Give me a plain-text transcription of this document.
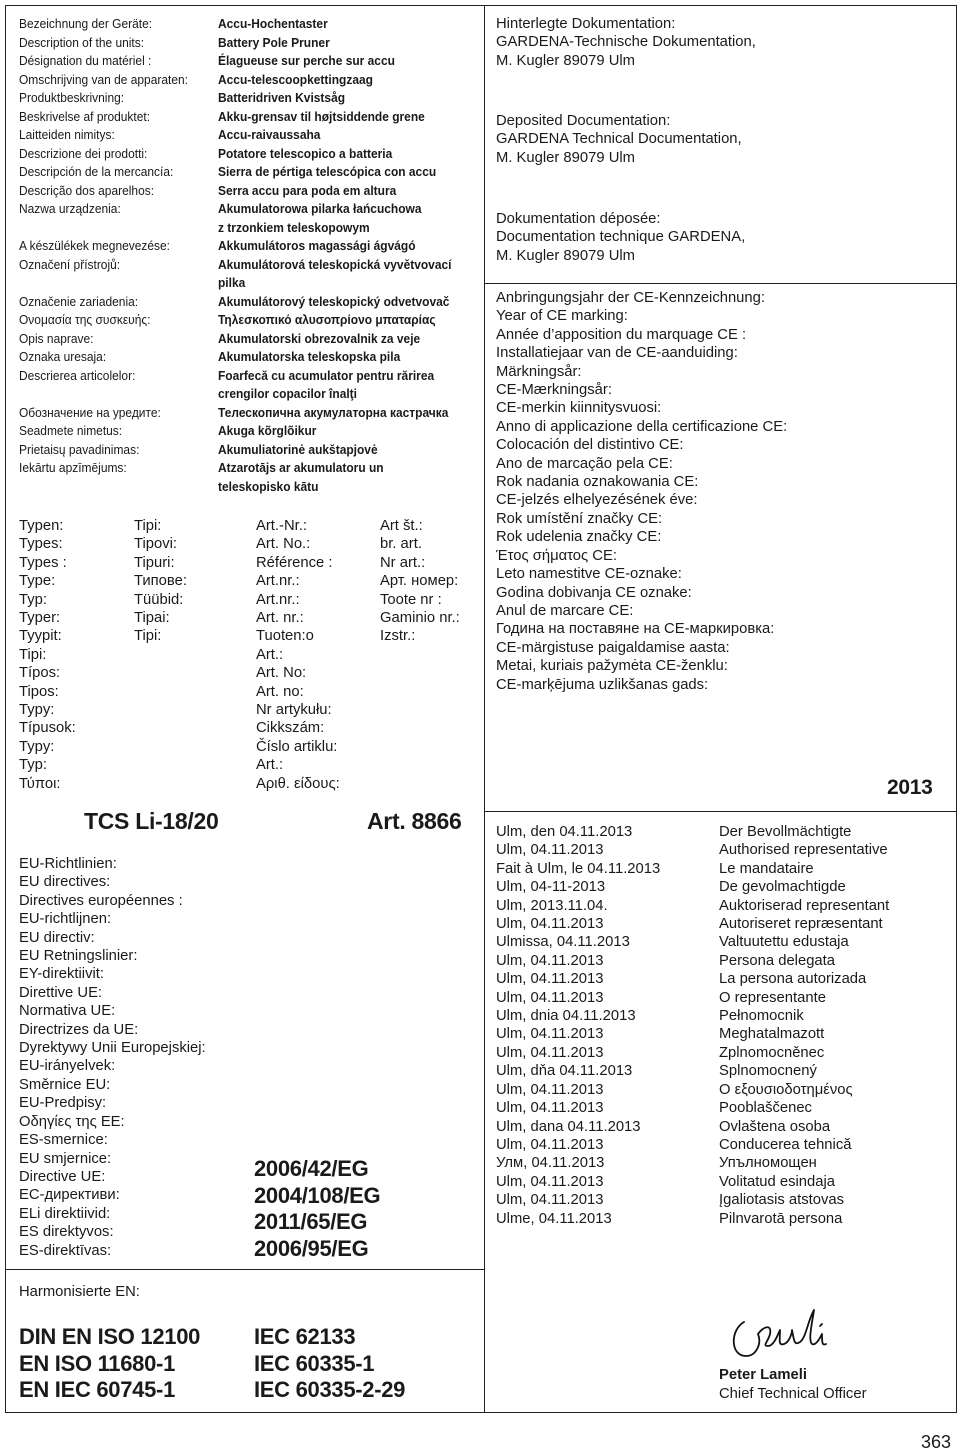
Bezeichnung der Geräte:
Description of the units:
Désignation du matériel :
Omschrijving van de apparaten:
Produktbeskrivning:
Beskrivelse af produktet:
Laitteiden nimitys:
Descrizione dei prodotti:
Descripción de la mercancía:
Descrição dos aparelhos:
Nazwa urządzenia:

A készülékek megnevezése:
Označení přístrojů:

Označenie zariadenia:
Ονομασία της συσκευής:
Opis naprave:
Oznaka uresaja:
Descrierea articolelor:

Обозначение на уредите:
Seadmete nimetus:
Prietaisų pavadinimas:
Iekārtu apzīmējums:
Accu-Hochentaster
Battery Pole Pruner
Élagueuse sur perche sur accu
Accu-telescoopkettingzaag
Batteridriven Kvistsåg
Akku-grensav til højtsiddende grene
Accu-raivaussaha
Potatore telescopico a batteria
Sierra de pértiga telescópica con accu
Serra accu para poda em altura
Akumulatorowa pilarka łańcuchowa
z trzonkiem teleskopowym
Akkumulátoros magassági ágvágó
Akumulátorová teleskopická vyvětvovací
pilka
Akumulátorový teleskopický odvetvovač
Τηλεσκοπικό αλυσοπρίονο μπαταρίας
Akumulatorski obrezovalnik za veje
Akumulatorska teleskopska pila
Foarfecă cu acumulator pentru rărirea
crengilor copacilor înalţi
Телескопична акумулаторна кастрачка
Akuga kõrglõikur
Akumuliatorinė aukštapjovė
Atzarotājs ar akumulatoru un
teleskopisko kātu
Typen:
Types:
Types :
Type:
Typ:
Typer:
Tyypit:
Tipi:
Típos:
Tipos:
Typy:
Típusok:
Typy:
Typ:
Τύποι:
Tipi:
Tipovi:
Tipuri:
Типове:
Tüübid:
Tipai:
Tipi:
Art.-Nr.:
Art. No.:
Référence :
Art.nr.:
Art.nr.:
Art. nr.:
Tuoten:o
Art.:
Art. No:
Art. no:
Nr artykułu:
Cikkszám:
Číslo artiklu:
Art.:
Αριθ. είδους:
Art št.:
br. art.
Nr art.:
Арт. номер:
Toote nr :
Gaminio nr.:
Izstr.:
TCS Li-18/20	Art. 8866
EU-Richtlinien:
EU directives:
Directives européennes :
EU-richtlijnen:
EU directiv:
EU Retningslinier:
EY-direktiivit:
Direttive UE:
Normativa UE:
Directrizes da UE:
Dyrektywy Unii Europejskiej:
EU-irányelvek:
Směrnice EU:
EU-Predpisy:
Οδηγίες της ΕΕ:
ES-smernice:
EU smjernice:
Directive UE:
ЕС-директиви:
ELi direktiivid:
ES direktyvos:
ES-direktīvas:
2006/42/EG
2004/108/EG
2011/65/EG
2006/95/EG
Harmonisierte EN:
DIN EN ISO 12100
EN ISO 11680-1
EN IEC 60745-1
IEC 62133
IEC 60335-1
IEC 60335-2-29
Hinterlegte Dokumentation:
GARDENA-Technische Dokumentation,
M. Kugler 89079 Ulm
Deposited Documentation:
GARDENA Technical Documentation,
M. Kugler 89079 Ulm
Dokumentation déposée:
Documentation technique GARDENA,
M. Kugler 89079 Ulm
Anbringungsjahr der CE-Kennzeichnung:
Year of CE marking:
Année d’apposition du marquage CE :
Installatiejaar van de CE-aanduiding:
Märkningsår:
CE-Mærkningsår:
CE-merkin kiinnitysvuosi:
Anno di applicazione della certificazione CE:
Colocación del distintivo CE:
Ano de marcação pela CE:
Rok nadania oznakowania CE:
CE-jelzés elhelyezésének éve:
Rok umístění značky CE:
Rok udelenia značky CE:
Έτος σήματος CE:
Leto namestitve CE-oznake:
Godina dobivanja CE oznake:
Anul de marcare CE:
Година на поставяне на CE-маркировка:
CE-märgistuse paigaldamise aasta:
Metai, kuriais pažymėta CE-ženklu:
CE-marķējuma uzlikšanas gads:
2013
Ulm, den 04.11.2013
Ulm, 04.11.2013
Fait à Ulm, le 04.11.2013
Ulm, 04-11-2013
Ulm, 2013.11.04.
Ulm, 04.11.2013
Ulmissa, 04.11.2013
Ulm, 04.11.2013
Ulm, 04.11.2013
Ulm, 04.11.2013
Ulm, dnia 04.11.2013
Ulm, 04.11.2013
Ulm, 04.11.2013
Ulm, dňa 04.11.2013
Ulm, 04.11.2013
Ulm, 04.11.2013
Ulm, dana 04.11.2013
Ulm, 04.11.2013
Улм, 04.11.2013
Ulm, 04.11.2013
Ulm, 04.11.2013
Ulme, 04.11.2013
Der Bevollmächtigte
Authorised representative
Le mandataire
De gevolmachtigde
Auktoriserad representant
Autoriseret repræsentant
Valtuutettu edustaja
Persona delegata
La persona autorizada
O representante
Pełnomocnik
Meghatalmazott
Zplnomocněnec
Splnomocnený
Ο εξουσιοδοτημένος
Pooblaščenec
Ovlaštena osoba
Conducerea tehnică
Упълномощен
Volitatud esindaja
Įgaliotasis atstovas
Pilnvarotā persona
Peter Lameli
Chief Technical Officer
363
